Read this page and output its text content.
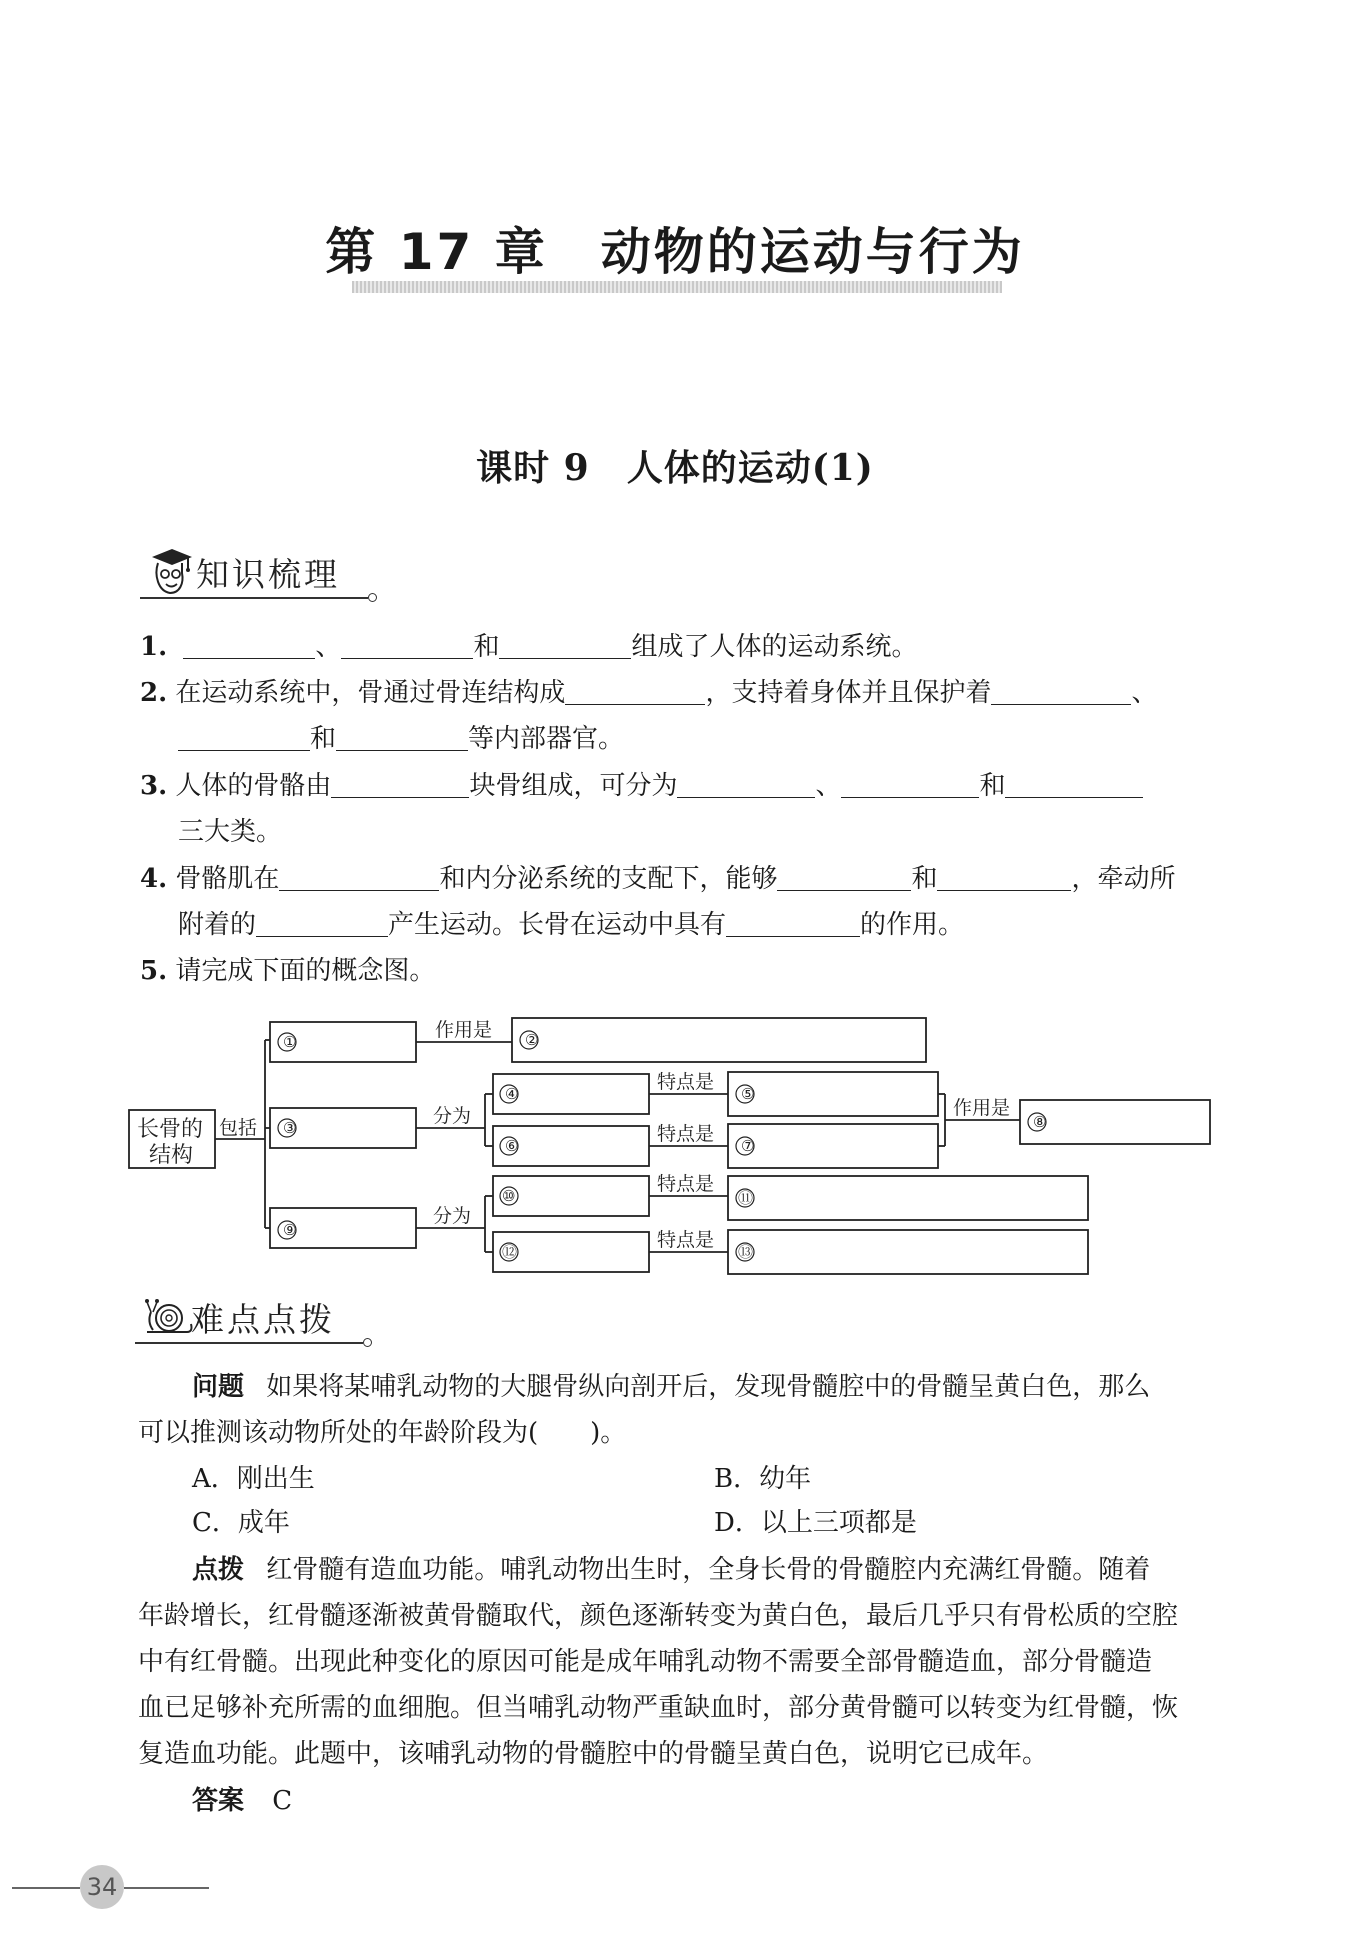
第 17 章　动物的运动与行为
课时 9　人体的运动(1)
知识梳理
1.	、	和	组成了人体的运动系统。
2. 在运动系统中，骨通过骨连结构成	，支持着身体并且保护着	、
和	等内部器官。
3. 人体的骨骼由	块骨组成，可分为	、	和
三大类。
4. 骨骼肌在	和内分泌系统的支配下，能够	和	，牵动所
附着的	产生运动。长骨在运动中具有	的作用。
5. 请完成下面的概念图。
长骨的
结构
包括
作用是
分为
特点是
特点是
作用是
分为
特点是
特点是
①	②
③
④	⑤
⑥	⑦
⑧
⑨
⑩	⑪
⑫	⑬
难点点拨
问题 如果将某哺乳动物的大腿骨纵向剖开后，发现骨髓腔中的骨髓呈黄白色，那么
可以推测该动物所处的年龄阶段为(　　)。
A．刚出生	B．幼年
C．成年	D．以上三项都是
点拨 红骨髓有造血功能。哺乳动物出生时，全身长骨的骨髓腔内充满红骨髓。随着
年龄增长，红骨髓逐渐被黄骨髓取代，颜色逐渐转变为黄白色，最后几乎只有骨松质的空腔
中有红骨髓。出现此种变化的原因可能是成年哺乳动物不需要全部骨髓造血，部分骨髓造
血已足够补充所需的血细胞。但当哺乳动物严重缺血时，部分黄骨髓可以转变为红骨髓，恢
复造血功能。此题中，该哺乳动物的骨髓腔中的骨髓呈黄白色，说明它已成年。
答案 C
34
